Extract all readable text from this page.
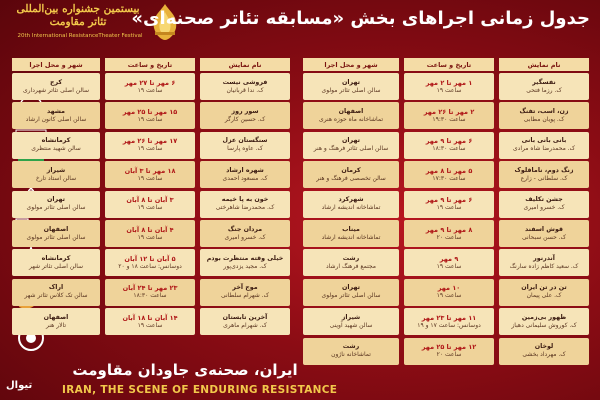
بیستمین جشنواره بین‌المللی تئاتر مقاومت
20th International ResistanceTheater Festival
جدول زمانی اجراهای بخش «مسابقه تئاتر صحنه‌ای»
نام نمایش
تاریخ و ساعت
شهر و محل اجرا
نام نمایش
تاریخ و ساعت
شهر و محل اجرا
نفسگیر
ک. رزما فتحی
۱ مهر تا ۲ مهر
ساعت ۱۹
تهران
سالن اصلی تئاتر مولوی
زن، اسب، تفنگ
ک. پویان مطابی
۲ مهر تا ۲۶ مهر
ساعت ۱۹:۳۰
اصفهان
تماشاخانه ماه حوزه هنری
بانی بانی بانی
ک. محمدرضا شاه مرادی
۶ مهر تا ۹ مهر
ساعت ۱۸:۳۰
تهران
سالن اصلی تئاتر فرهنگ و هنر
زنگ دوم، ناماقلوک
ک. سلطانی - زارع
۵ مهر تا ۸ مهر
ساعت ۱۷:۳۰
کرمان
سالن تخصصی فرهنگ و هنر
جشن تکلیف
ک. خسرو امیری
۶ مهر تا ۹ مهر
ساعت ۱۹
شهرکرد
تماشاخانه اندیشه ارشاد
قوش اسفند
ک. حسن سبحانی
۸ مهر تا ۹ مهر
ساعت ۲۰
میناب
تماشاخانه اندیشه ارشاد
آندرنور
ک. سعید کاظم زاده سارنگ
۹ مهر
ساعت ۱۹
رشت
مجتمع فرهنگ ارشاد
تن در تن ایران
ک. علی پیمان
۱۰ مهر
ساعت ۱۹
تهران
سالن اصلی تئاتر مولوی
ظهور بی‌زمین
ک. کوروش سلیمانی دهباز
۱۱ مهر تا ۲۳ مهر
دوسانس: ساعت ۱۷ و ۱۹
شیراز
سالن شهید آوینی
لوخان
ک. مهرداد بخشی
۱۲ مهر تا ۲۵ مهر
ساعت ۲۰
رشت
تماشاخانه ناژون
فروشی نیست
ک. ندا قربانیان
۶ مهر تا ۲۷ مهر
ساعت ۱۹
کرج
سالن اصلی تئاتر شهرداری
سور روز
ک. حسین کارگر
۱۵ مهر تا ۲۵ مهر
ساعت ۱۹
مشهد
سالن اصلی کانون ارشاد
سنگستان عزل
ک. عاوه پارسا
۱۷ مهر تا ۲۶ مهر
ساعت ۱۹
کرمانشاه
سالن شهید منتظری
شهره ارشاد
ک. مسعود احمدی
۱۸ مهر تا ۳ آبان
ساعت ۱۹
شیراز
سالن استاد تارخ
خون به پا خیمه
ک. محمدرضا شاهرختی
۳ آبان تا ۸ آبان
ساعت ۱۹
تهران
سالن اصلی تئاتر مولوی
مردان جنگ
ک. خسرو امیری
۴ آبان تا ۸ آبان
ساعت ۱۹
اصفهان
سالن اصلی تئاتر مولوی
خیلی وقته منتظرت بودم
ک. مجید یزدی‌پور
۵ آبان تا ۱۲ آبان
دوسانس: ساعت ۱۸ و ۲۰
کرمانشاه
سالن اصلی تئاتر شهر
موج آخر
ک. شهرام سلطانی
۲۳ مهر تا ۲۴ آبان
ساعت ۱۸:۳۰
اراک
سالن تک کلاس تئاتر شهر
آخرین تابستان
ک. شهرام ماهری
۱۴ آبان تا ۱۸ آبان
ساعت ۱۹
اصفهان
تالار هنر
ایران، صحنه‌ی جاودان مقاومت
IRAN, THE SCENE OF ENDURING RESISTANCE
تیوال
